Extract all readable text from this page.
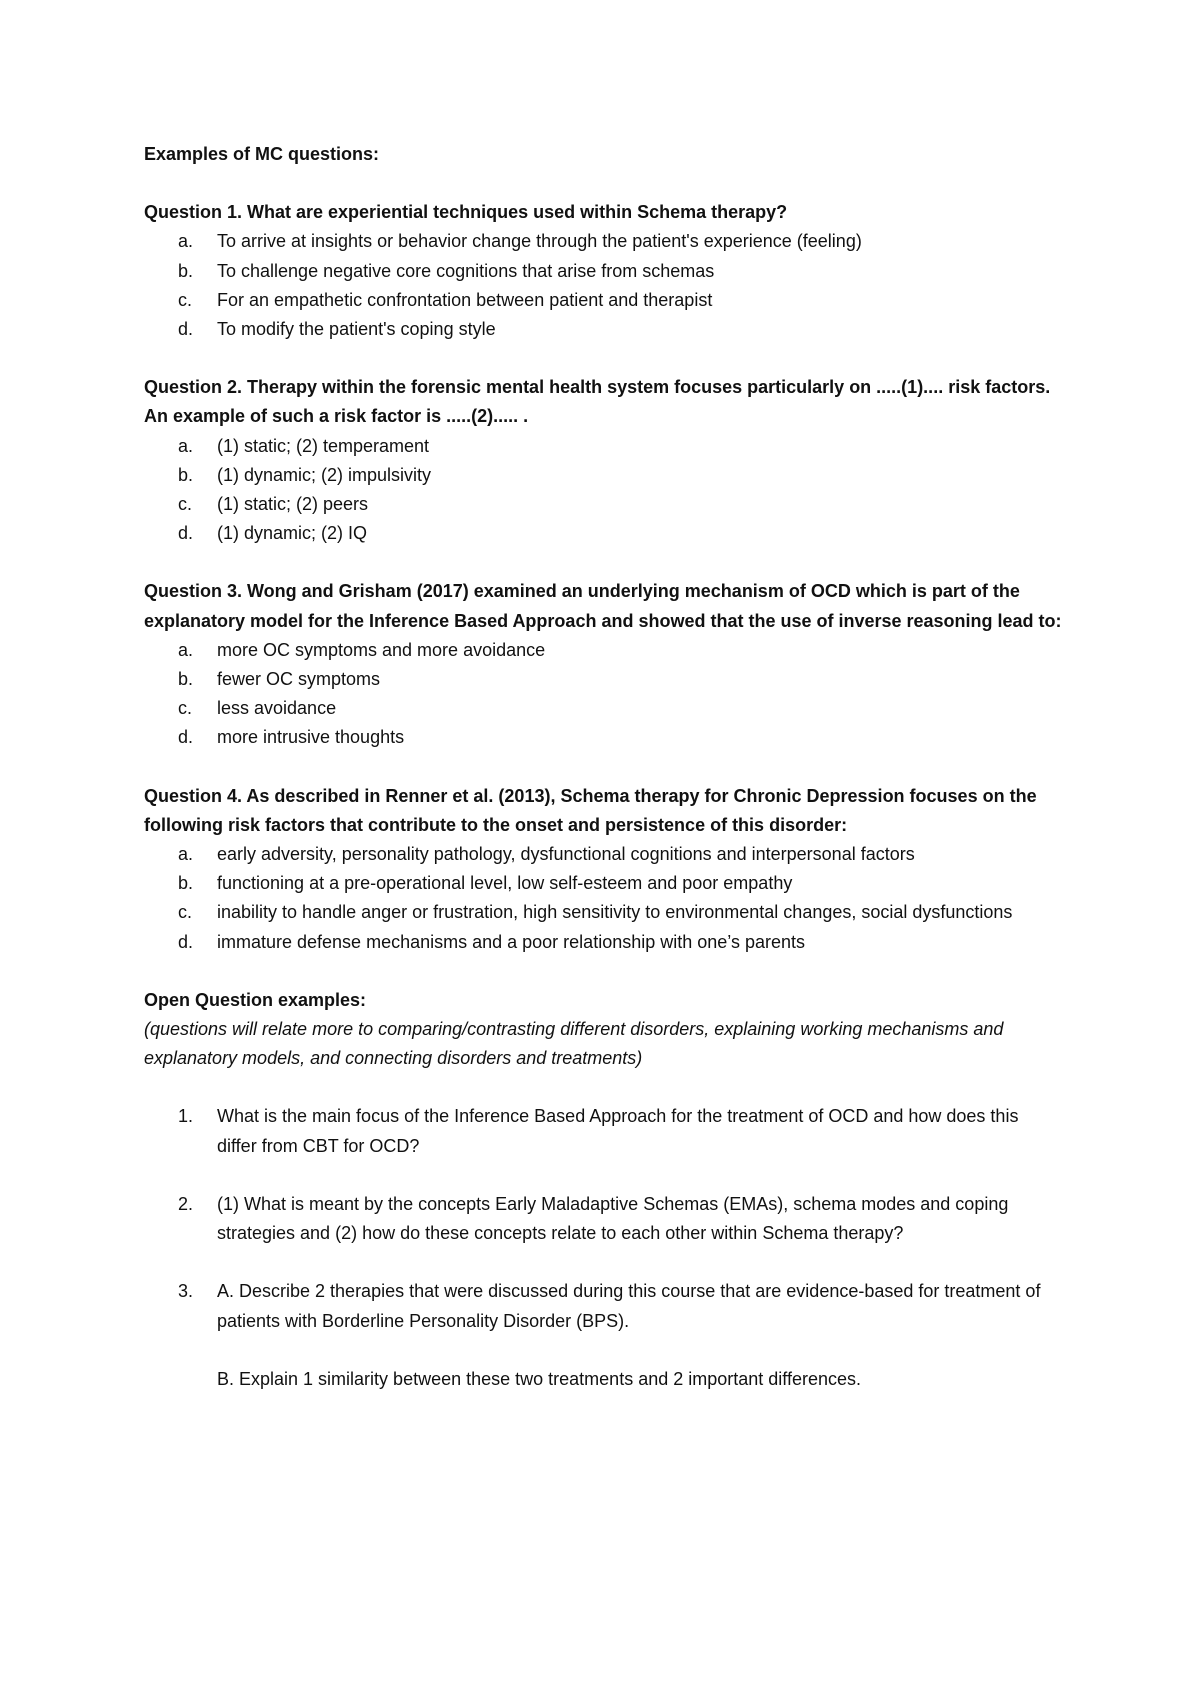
Examples of MC questions:

Question 1. What are experiential techniques used within Schema therapy?

a. To arrive at insights or behavior change through the patient's experience (feeling)
b. To challenge negative core cognitions that arise from schemas
c. For an empathetic confrontation between patient and therapist
d. To modify the patient's coping style

Question 2. Therapy within the forensic mental health system focuses particularly on .....(1).... risk factors. An example of such a risk factor is .....(2)..... .

a. (1) static; (2) temperament
b. (1) dynamic; (2) impulsivity
c. (1) static; (2) peers
d. (1) dynamic; (2) IQ

Question 3. Wong and Grisham (2017) examined an underlying mechanism of OCD which is part of the explanatory model for the Inference Based Approach and showed that the use of inverse reasoning lead to:

a. more OC symptoms and more avoidance
b. fewer OC symptoms
c. less avoidance
d. more intrusive thoughts

Question 4. As described in Renner et al. (2013), Schema therapy for Chronic Depression focuses on the following risk factors that contribute to the onset and persistence of this disorder:

a. early adversity, personality pathology, dysfunctional cognitions and interpersonal factors
b. functioning at a pre-operational level, low self-esteem and poor empathy
c. inability to handle anger or frustration, high sensitivity to environmental changes, social dysfunctions
d. immature defense mechanisms and a poor relationship with one’s parents

Open Question examples:

(questions will relate more to comparing/contrasting different disorders, explaining working mechanisms and explanatory models, and connecting disorders and treatments)

1. What is the main focus of the Inference Based Approach for the treatment of OCD and how does this differ from CBT for OCD?
2. (1) What is meant by the concepts Early Maladaptive Schemas (EMAs), schema modes and coping strategies and (2) how do these concepts relate to each other within Schema therapy?
3. A. Describe 2 therapies that were discussed during this course that are evidence-based for treatment of patients with Borderline Personality Disorder (BPS).
B. Explain 1 similarity between these two treatments and 2 important differences.
